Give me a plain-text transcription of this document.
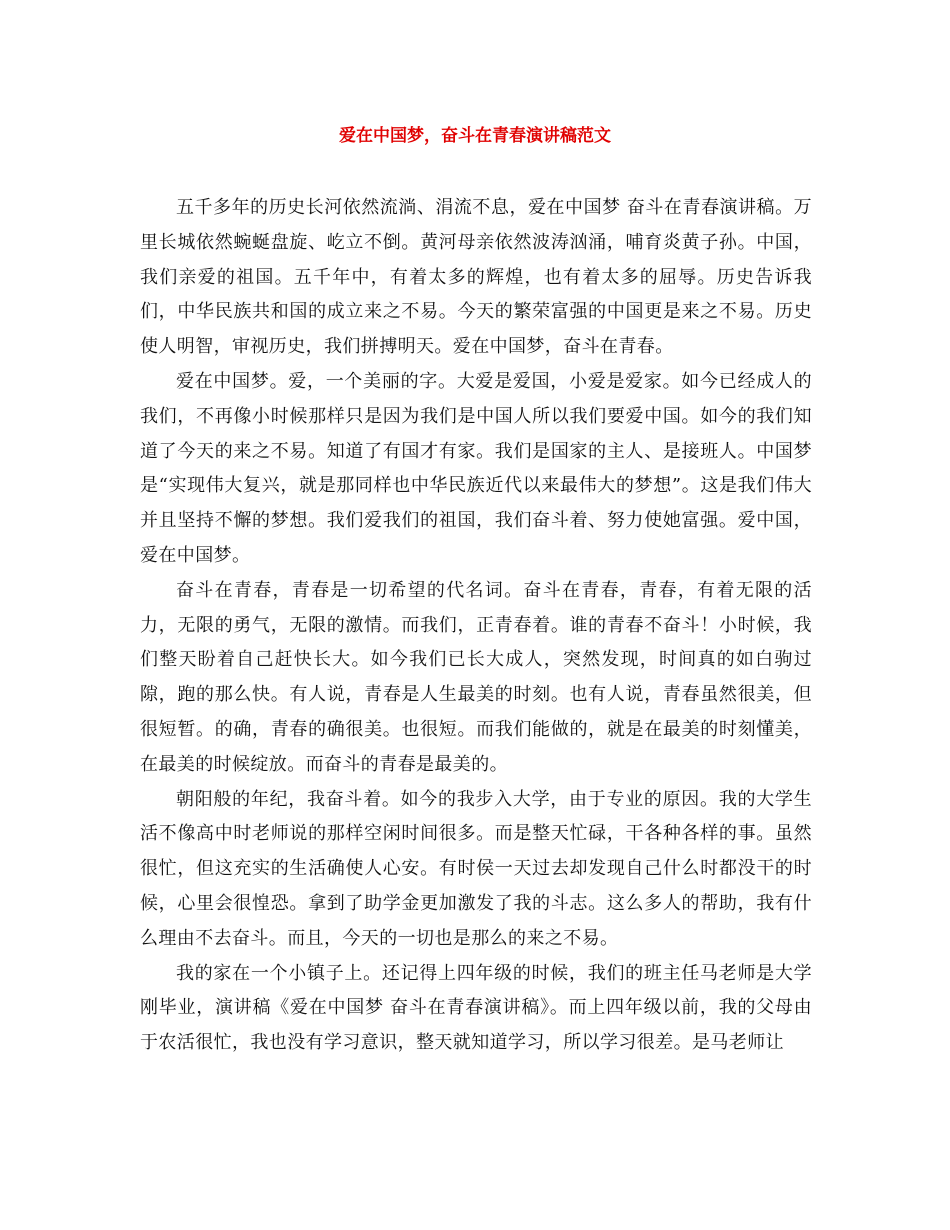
爱在中国梦，奋斗在青春演讲稿范文

五千多年的历史长河依然流淌、涓流不息，爱在中国梦 奋斗在青春演讲稿。万里长城依然蜿蜒盘旋、屹立不倒。黄河母亲依然波涛汹涌，哺育炎黄子孙。中国，我们亲爱的祖国。五千年中，有着太多的辉煌，也有着太多的屈辱。历史告诉我们，中华民族共和国的成立来之不易。今天的繁荣富强的中国更是来之不易。历史使人明智，审视历史，我们拼搏明天。爱在中国梦，奋斗在青春。

爱在中国梦。爱，一个美丽的字。大爱是爱国，小爱是爱家。如今已经成人的我们，不再像小时候那样只是因为我们是中国人所以我们要爱中国。如今的我们知道了今天的来之不易。知道了有国才有家。我们是国家的主人、是接班人。中国梦是“实现伟大复兴，就是那同样也中华民族近代以来最伟大的梦想”。这是我们伟大并且坚持不懈的梦想。我们爱我们的祖国，我们奋斗着、努力使她富强。爱中国，爱在中国梦。

奋斗在青春，青春是一切希望的代名词。奋斗在青春，青春，有着无限的活力，无限的勇气，无限的激情。而我们，正青春着。谁的青春不奋斗！小时候，我们整天盼着自己赶快长大。如今我们已长大成人，突然发现，时间真的如白驹过隙，跑的那么快。有人说，青春是人生最美的时刻。也有人说，青春虽然很美，但很短暂。的确，青春的确很美。也很短。而我们能做的，就是在最美的时刻懂美，在最美的时候绽放。而奋斗的青春是最美的。

朝阳般的年纪，我奋斗着。如今的我步入大学，由于专业的原因。我的大学生活不像高中时老师说的那样空闲时间很多。而是整天忙碌，干各种各样的事。虽然很忙，但这充实的生活确使人心安。有时侯一天过去却发现自己什么时都没干的时候，心里会很惶恐。拿到了助学金更加激发了我的斗志。这么多人的帮助，我有什么理由不去奋斗。而且，今天的一切也是那么的来之不易。

我的家在一个小镇子上。还记得上四年级的时候，我们的班主任马老师是大学刚毕业，演讲稿《爱在中国梦 奋斗在青春演讲稿》。而上四年级以前，我的父母由于农活很忙，我也没有学习意识，整天就知道学习，所以学习很差。是马老师让
